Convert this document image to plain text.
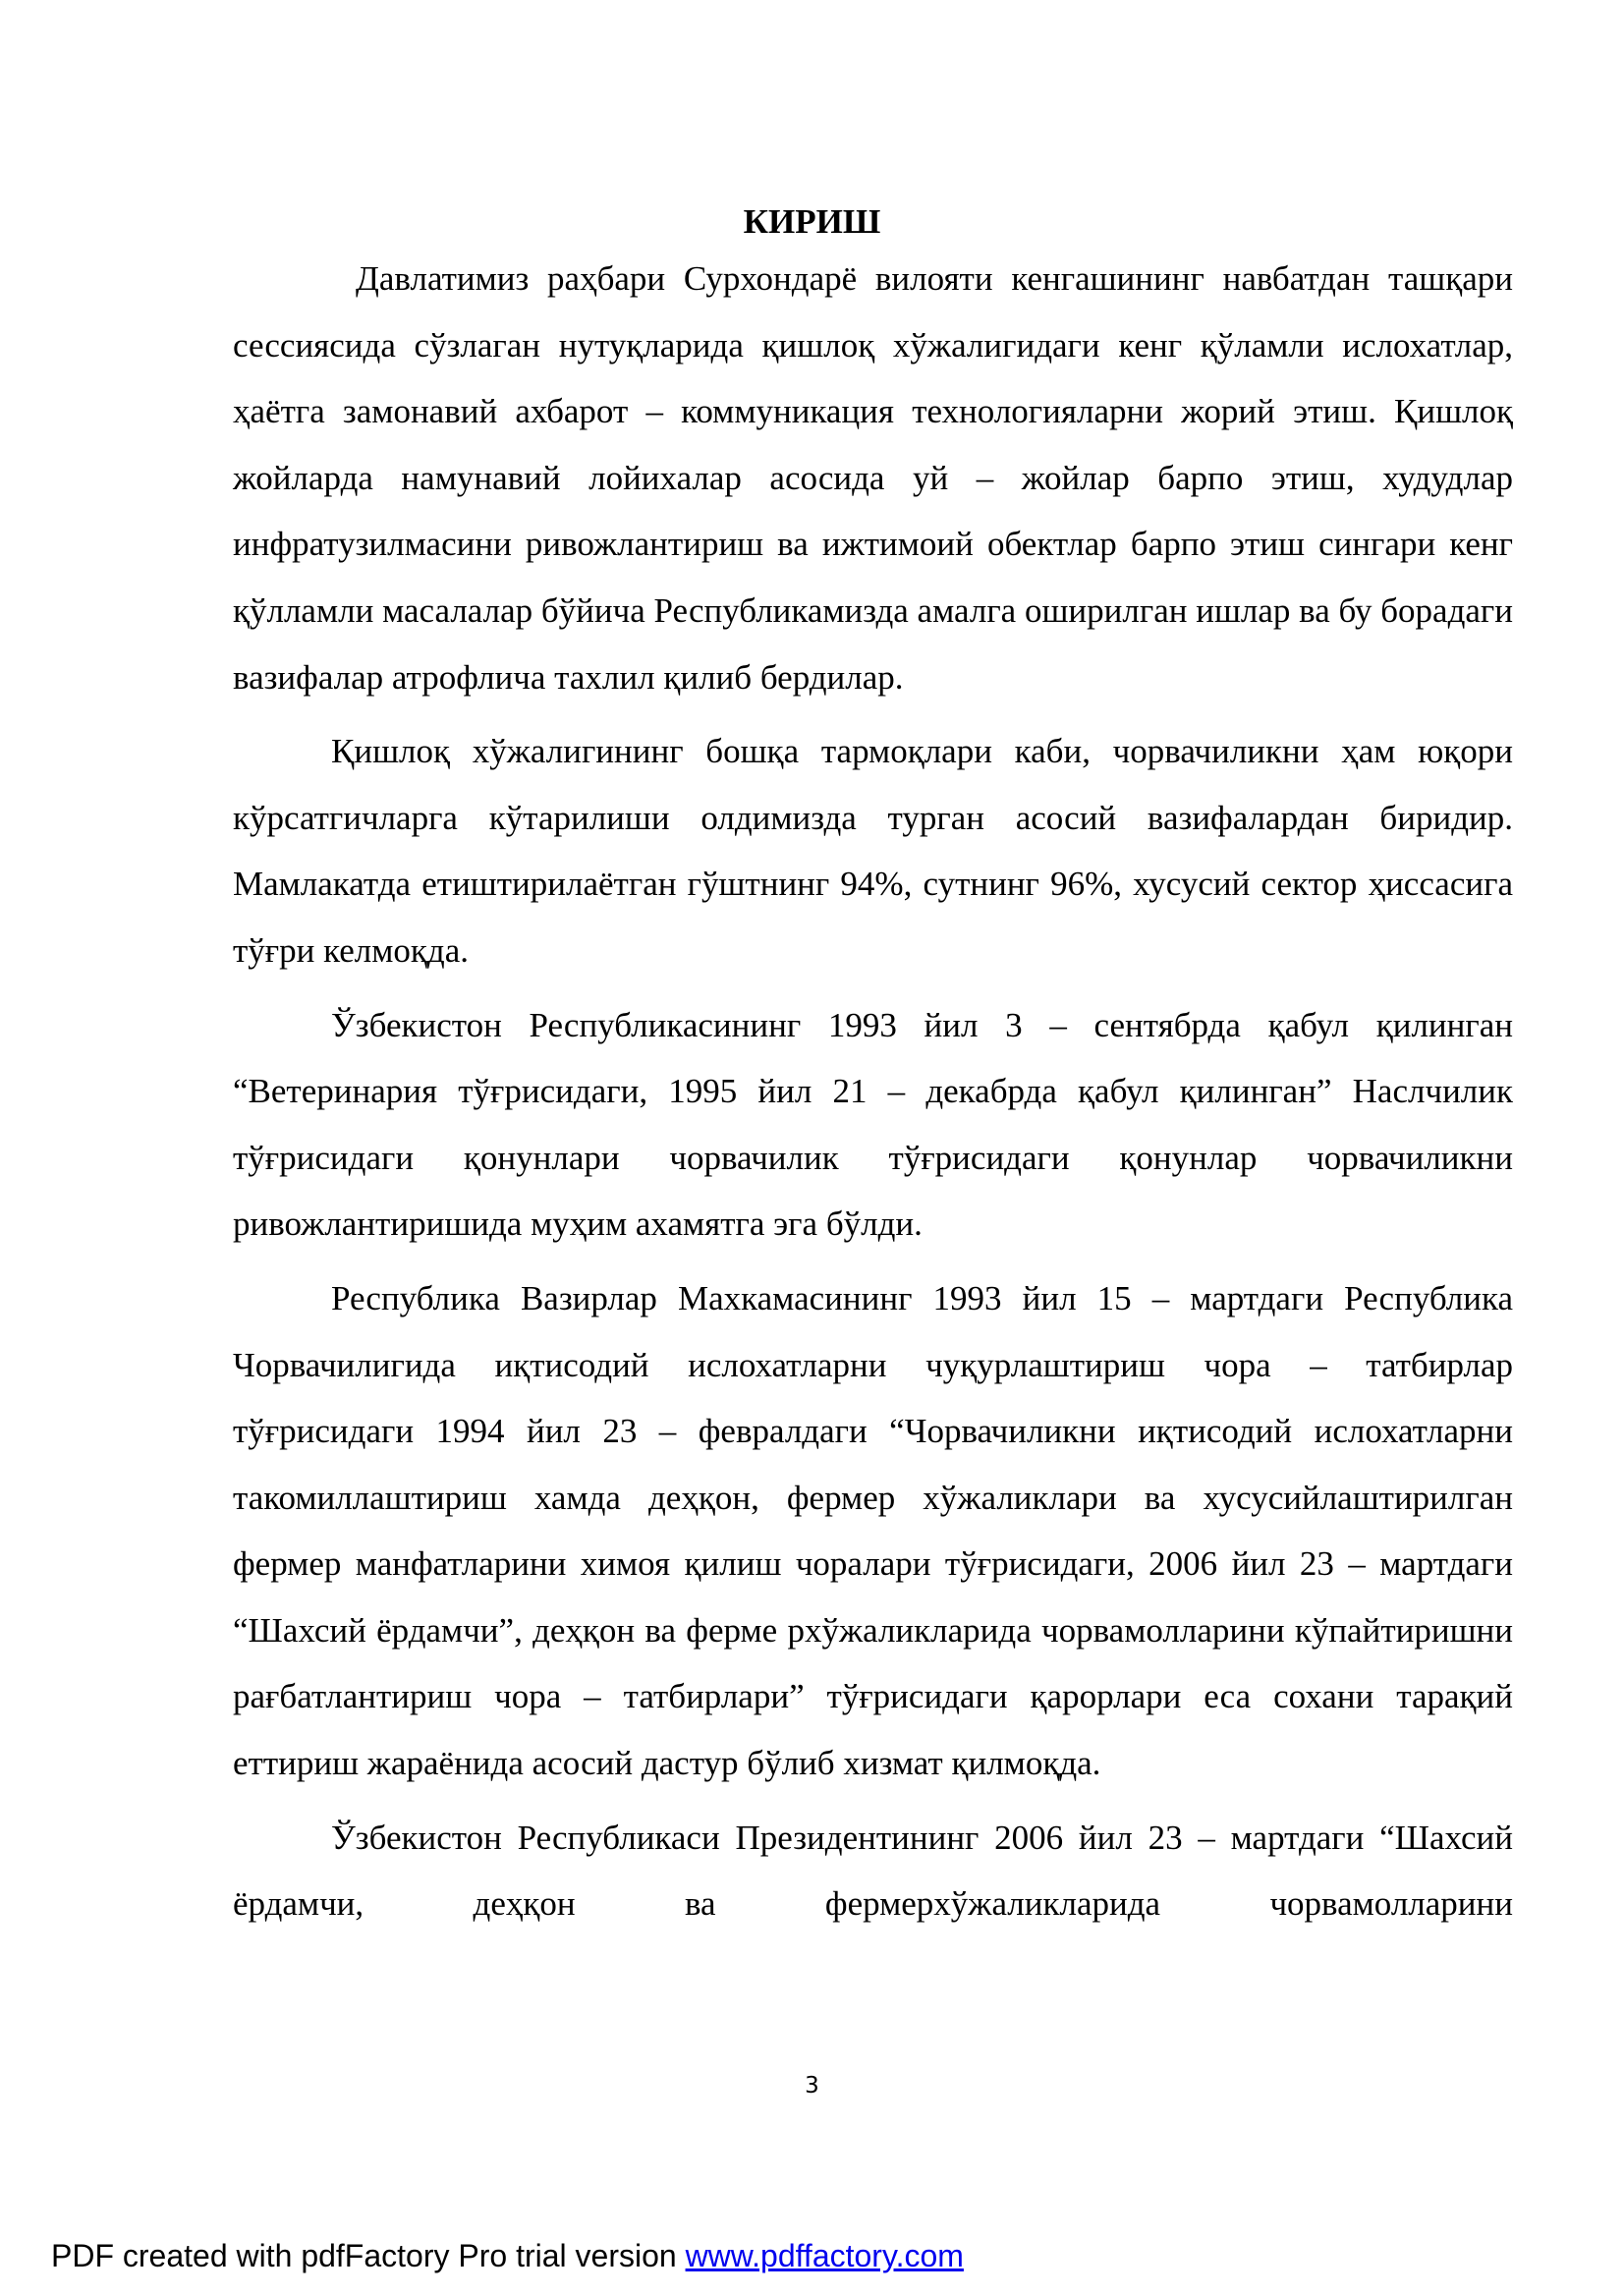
КИРИШ

Давлатимиз раҳбари Сурхондарё вилояти кенгашининг навбатдан ташқари сессиясида сўзлаган нутуқларида қишлоқ хўжалигидаги кенг қўламли ислохатлар, ҳаётга замонавий ахбарот – коммуникация технологияларни жорий этиш. Қишлоқ жойларда намунавий лойихалар асосида уй – жойлар барпо этиш, худудлар инфратузилмасини ривожлантириш ва ижтимоий обектлар барпо этиш сингари кенг қўлламли масалалар бўйича Республикамизда амалга оширилган ишлар ва бу борадаги вазифалар атрофлича тахлил қилиб бердилар.

Қишлоқ хўжалигининг бошқа тармоқлари каби, чорвачиликни ҳам юқори кўрсатгичларга кўтарилиши олдимизда турган асосий вазифалардан биридир. Мамлакатда етиштирилаётган гўштнинг 94%, сутнинг 96%, хусусий сектор ҳиссасига тўғри келмоқда.

Ўзбекистон Республикасининг 1993 йил 3 – сентябрда қабул қилинган “Ветеринария тўғрисидаги, 1995 йил 21 – декабрда қабул қилинган” Наслчилик тўғрисидаги қонунлари чорвачилик тўғрисидаги қонунлар чорвачиликни ривожлантиришида муҳим ахамятга эга бўлди.

Республика Вазирлар Махкамасининг 1993 йил 15 – мартдаги Республика Чорвачилигида иқтисодий ислохатларни чуқурлаштириш чора – татбирлар тўғрисидаги 1994 йил 23 – февралдаги “Чорвачиликни иқтисодий ислохатларни такомиллаштириш хамда деҳқон, фермер хўжаликлари ва хусусийлаштирилган фермер манфатларини химоя қилиш чоралари тўғрисидаги, 2006 йил 23 – мартдаги “Шахсий ёрдамчи”, деҳқон ва ферме рхўжаликларида чорвамолларини кўпайтиришни рағбатлантириш чора – татбирлари” тўғрисидаги қарорлари еса сохани тарақий еттириш жараёнида асосий дастур бўлиб хизмат қилмоқда.

Ўзбекистон Республикаси Президентининг 2006 йил 23 – мартдаги “Шахсий ёрдамчи, деҳқон ва фермерхўжаликларида чорвамолларини

3

PDF created with pdfFactory Pro trial version www.pdffactory.com
